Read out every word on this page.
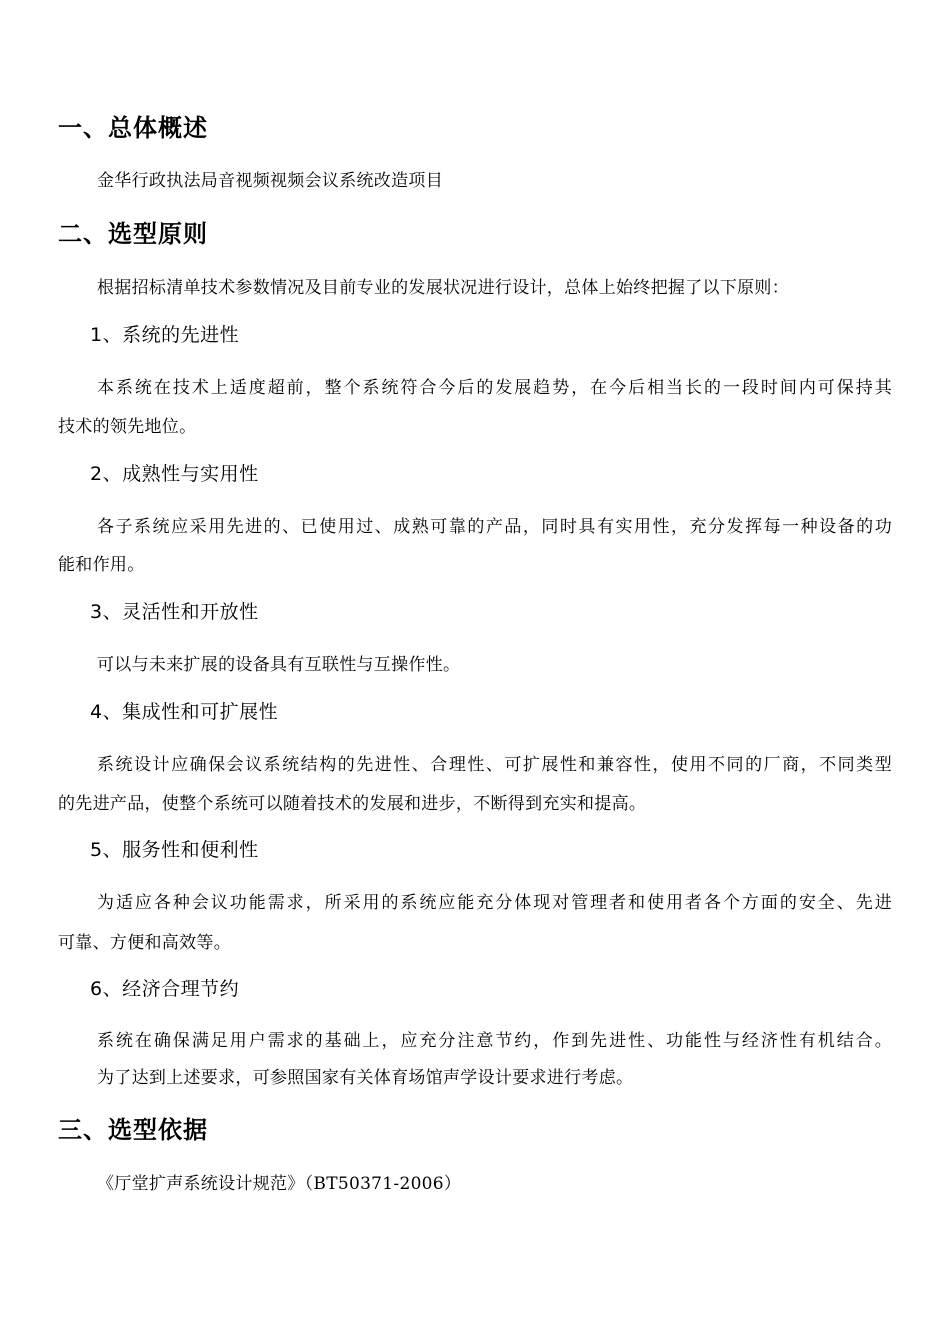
一、总体概述
金华行政执法局音视频视频会议系统改造项目
二、选型原则
根据招标清单技术参数情况及目前专业的发展状况进行设计，总体上始终把握了以下原则：
1、系统的先进性
本系统在技术上适度超前，整个系统符合今后的发展趋势，在今后相当长的一段时间内可保持其
技术的领先地位。
2、成熟性与实用性
各子系统应采用先进的、已使用过、成熟可靠的产品，同时具有实用性，充分发挥每一种设备的功
能和作用。
3、灵活性和开放性
可以与未来扩展的设备具有互联性与互操作性。
4、集成性和可扩展性
系统设计应确保会议系统结构的先进性、合理性、可扩展性和兼容性，使用不同的厂商，不同类型
的先进产品，使整个系统可以随着技术的发展和进步，不断得到充实和提高。
5、服务性和便利性
为适应各种会议功能需求，所采用的系统应能充分体现对管理者和使用者各个方面的安全、先进
可靠、方便和高效等。
6、经济合理节约
系统在确保满足用户需求的基础上，应充分注意节约，作到先进性、功能性与经济性有机结合。
为了达到上述要求，可参照国家有关体育场馆声学设计要求进行考虑。
三、选型依据
《厅堂扩声系统设计规范》（BT50371-2006）
